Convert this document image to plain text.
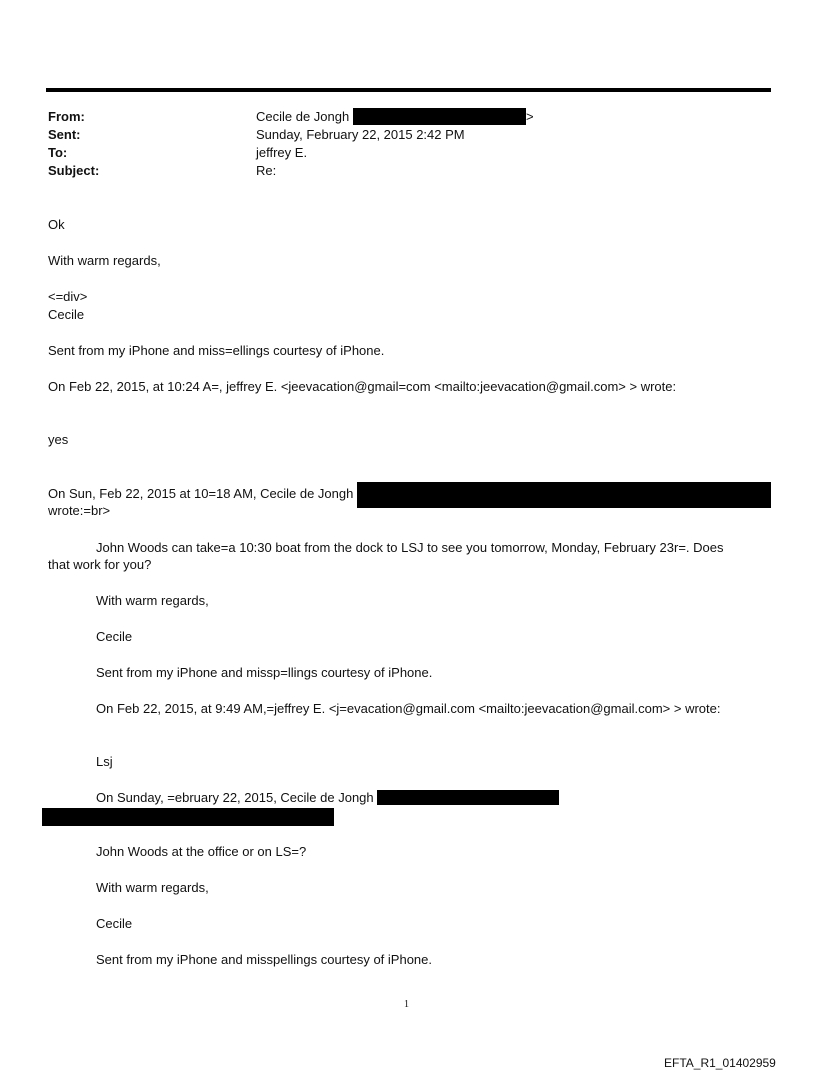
From:	Cecile de Jongh	>
Sent:	Sunday, February 22, 2015 2:42 PM
To:	jeffrey E.
Subject:	Re:
Ok
With warm regards,
<=div>
Cecile
Sent from my iPhone and miss=ellings courtesy of iPhone.
On Feb 22, 2015, at 10:24 A=, jeffrey E. <jeevacation@gmail=com <mailto:jeevacation@gmail.com> > wrote:
yes
On Sun, Feb 22, 2015 at 10=18 AM, Cecile de Jongh
wrote:=br>
John Woods can take=a 10:30 boat from the dock to LSJ to see you tomorrow, Monday, February 23r=. Does
that work for you?
With warm regards,
Cecile
Sent from my iPhone and missp=llings courtesy of iPhone.
On Feb 22, 2015, at 9:49 AM,=jeffrey E. <j=evacation@gmail.com <mailto:jeevacation@gmail.com> > wrote:
Lsj
On Sunday, =ebruary 22, 2015, Cecile de Jongh
John Woods at the office or on LS=?
With warm regards,
Cecile
Sent from my iPhone and misspellings courtesy of iPhone.
1
EFTA_R1_01402959
